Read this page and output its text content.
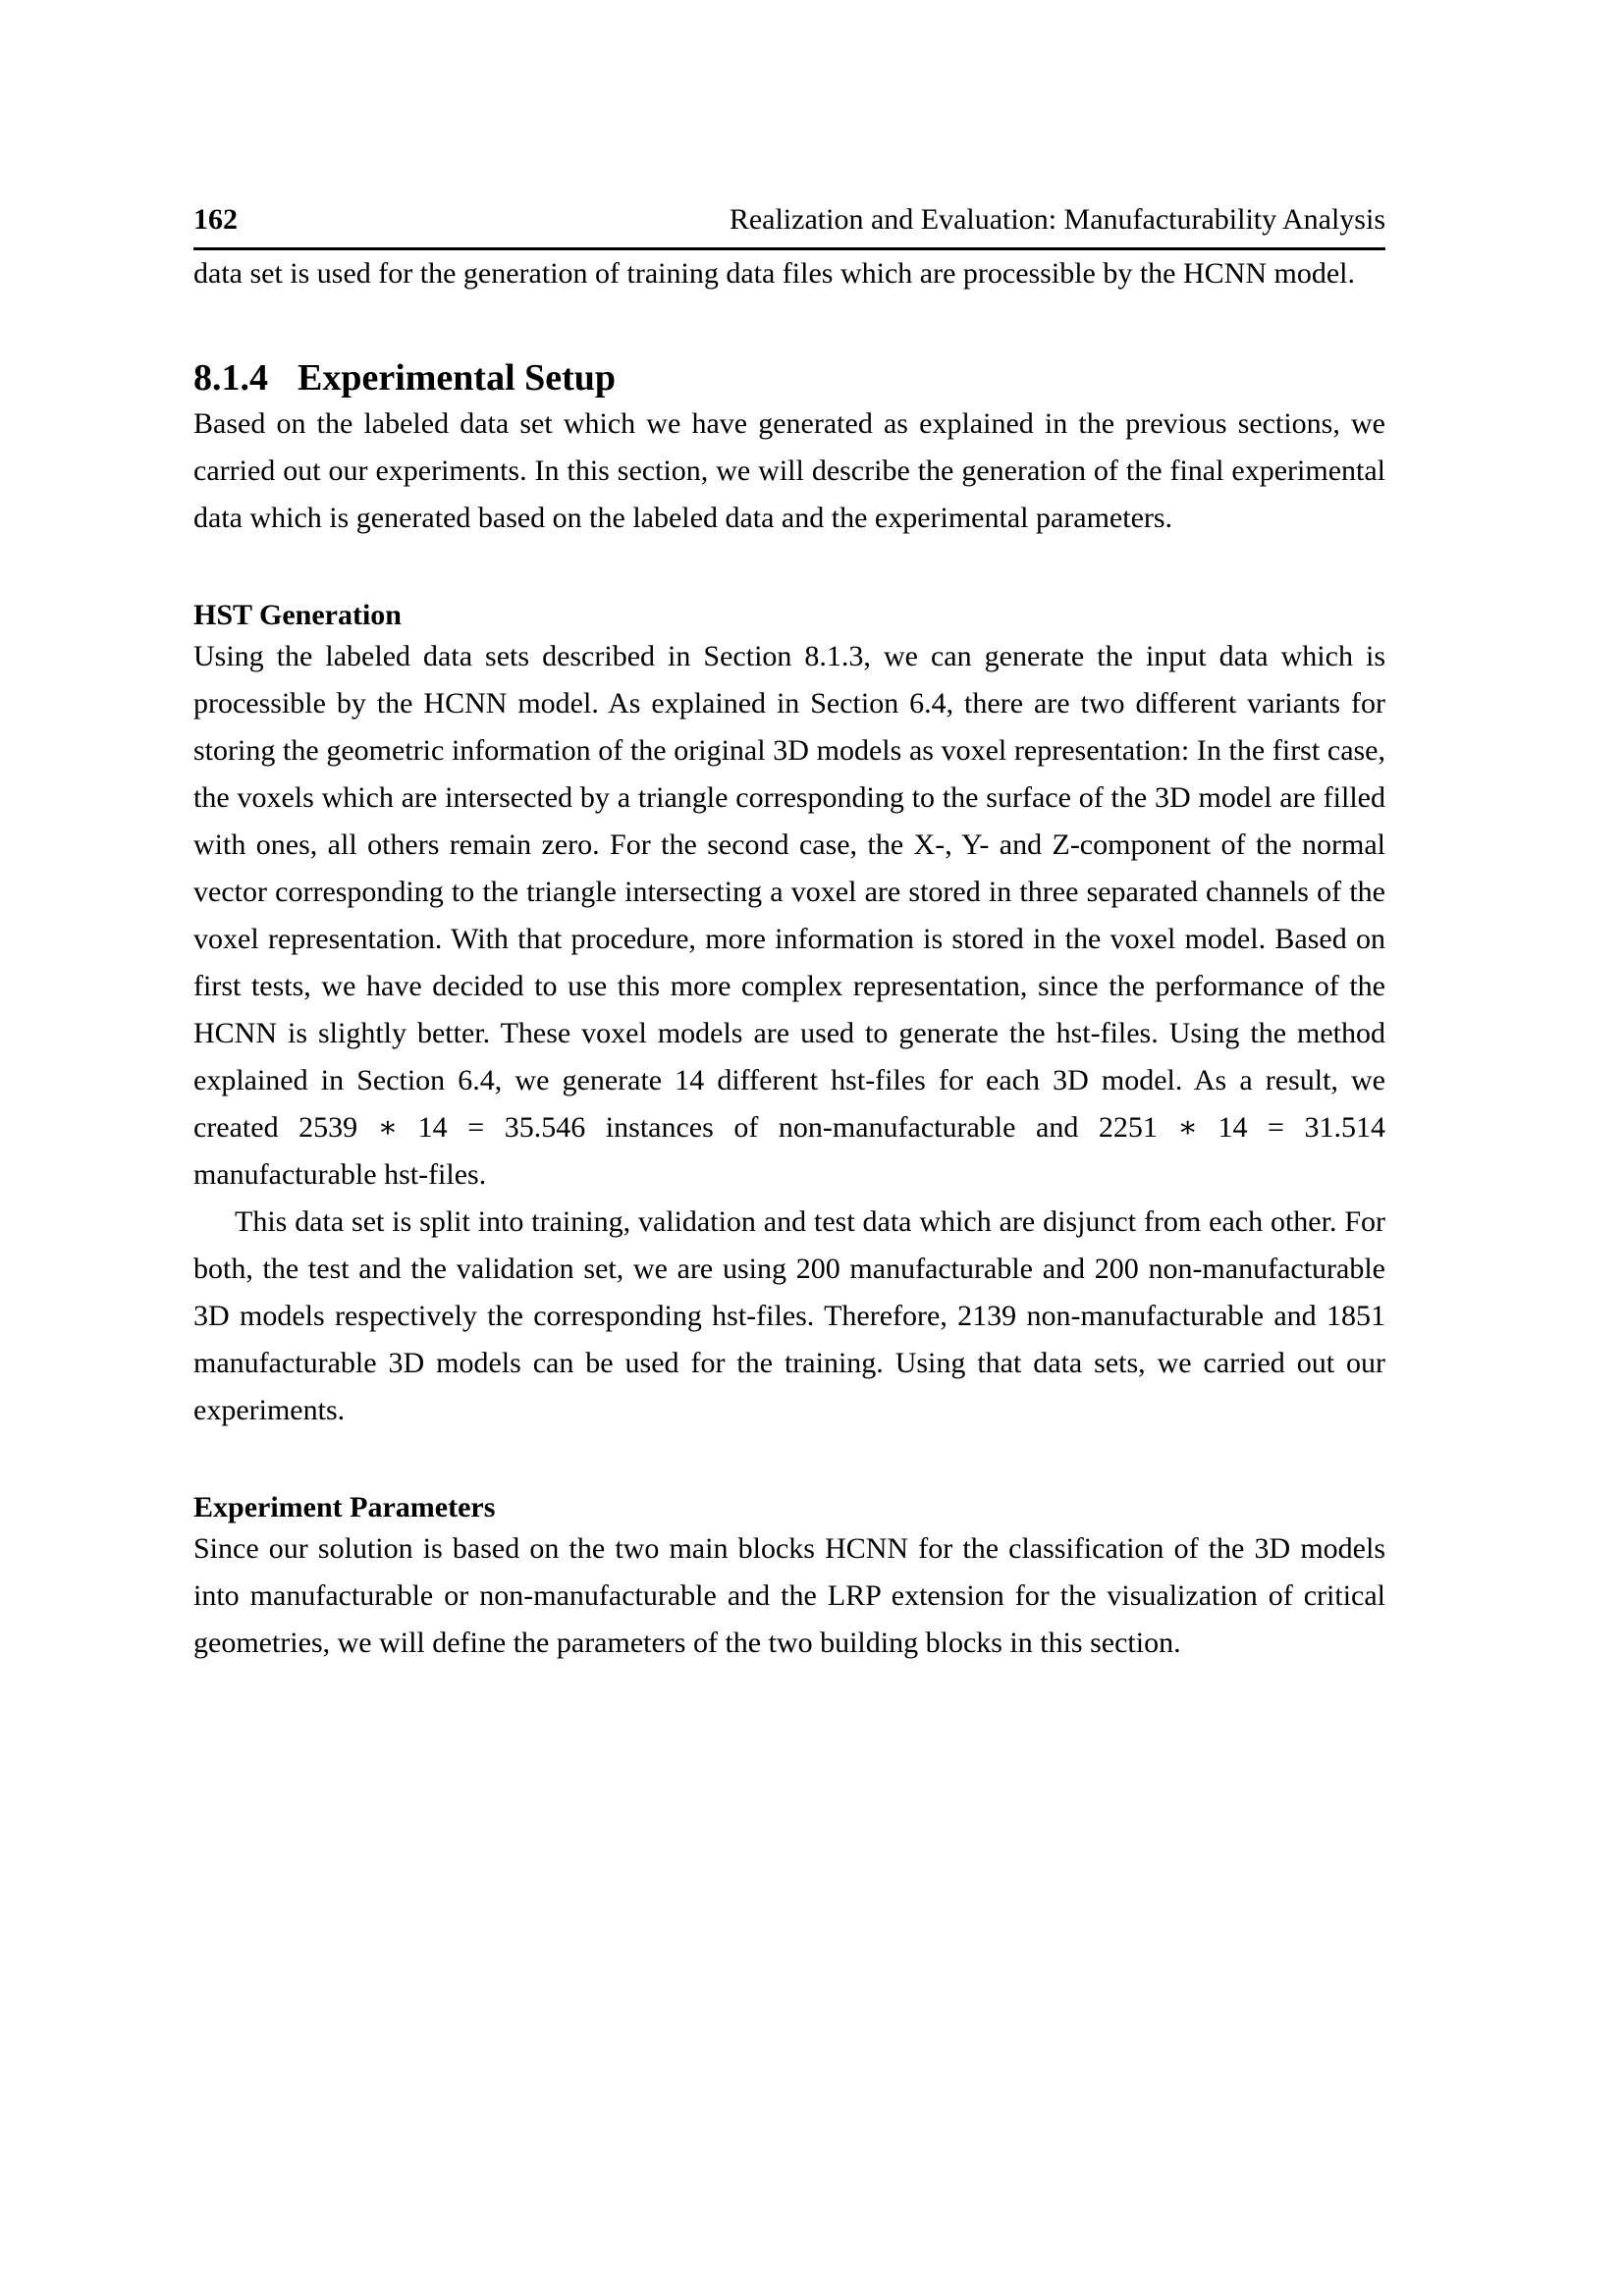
162	Realization and Evaluation: Manufacturability Analysis

data set is used for the generation of training data files which are processible by the HCNN model.

8.1.4 Experimental Setup

Based on the labeled data set which we have generated as explained in the previous sections, we carried out our experiments. In this section, we will describe the generation of the final experimental data which is generated based on the labeled data and the experimental parameters.

HST Generation

Using the labeled data sets described in Section 8.1.3, we can generate the input data which is processible by the HCNN model. As explained in Section 6.4, there are two different variants for storing the geometric information of the original 3D models as voxel representation: In the first case, the voxels which are intersected by a triangle corresponding to the surface of the 3D model are filled with ones, all others remain zero. For the second case, the X-, Y- and Z-component of the normal vector corresponding to the triangle intersecting a voxel are stored in three separated channels of the voxel representation. With that procedure, more information is stored in the voxel model. Based on first tests, we have decided to use this more complex representation, since the performance of the HCNN is slightly better. These voxel models are used to generate the hst-files. Using the method explained in Section 6.4, we generate 14 different hst-files for each 3D model. As a result, we created 2539 ∗ 14 = 35.546 instances of non-manufacturable and 2251 ∗ 14 = 31.514 manufacturable hst-files.

This data set is split into training, validation and test data which are disjunct from each other. For both, the test and the validation set, we are using 200 manufacturable and 200 non-manufacturable 3D models respectively the corresponding hst-files. Therefore, 2139 non-manufacturable and 1851 manufacturable 3D models can be used for the training. Using that data sets, we carried out our experiments.

Experiment Parameters

Since our solution is based on the two main blocks HCNN for the classification of the 3D models into manufacturable or non-manufacturable and the LRP extension for the visualization of critical geometries, we will define the parameters of the two building blocks in this section.
